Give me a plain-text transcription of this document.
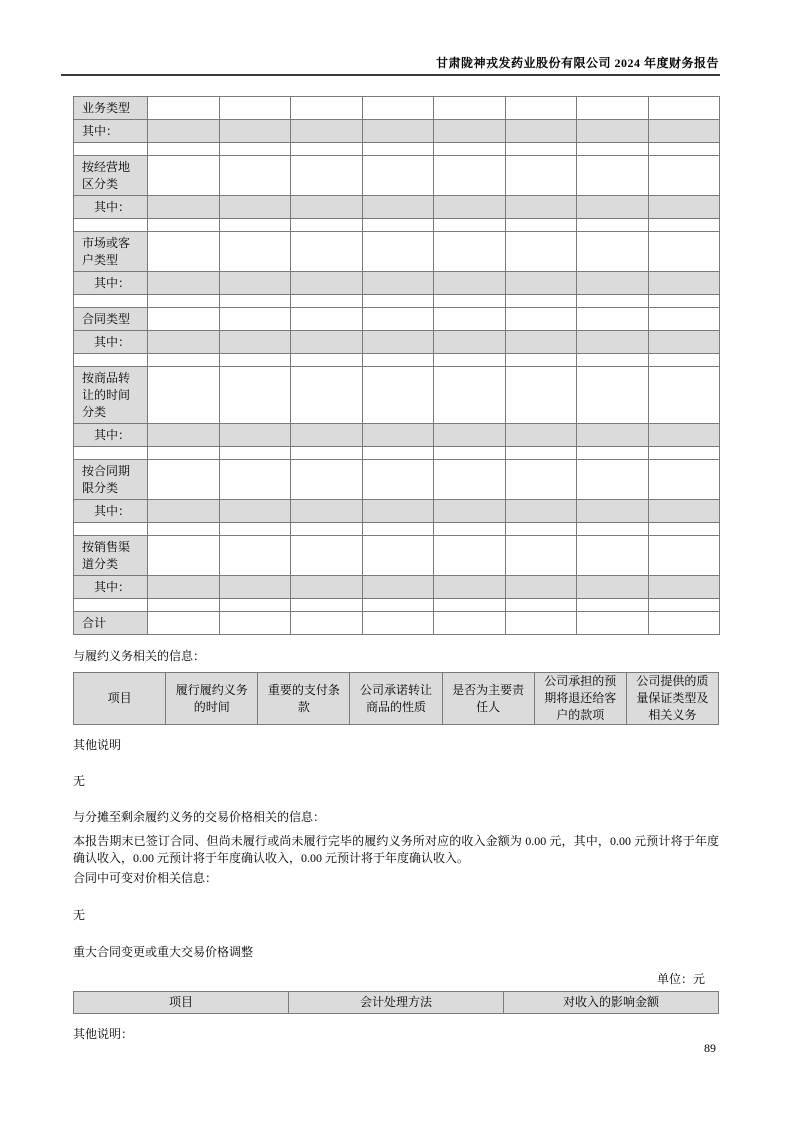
甘肃陇神戎发药业股份有限公司 2024 年度财务报告
业务类型								
其中：								

按经营地区分类								
其中：								

市场或客户类型								
其中：								

合同类型								
其中：								

按商品转让的时间分类								
其中：								

按合同期限分类								
其中：								

按销售渠道分类								
其中：								

合计								

与履约义务相关的信息：

项目	履行履约义务的时间	重要的支付条款	公司承诺转让商品的性质	是否为主要责任人	公司承担的预期将退还给客户的款项	公司提供的质量保证类型及相关义务

其他说明

无

与分摊至剩余履约义务的交易价格相关的信息：

本报告期末已签订合同、但尚未履行或尚未履行完毕的履约义务所对应的收入金额为 0.00 元，其中，0.00 元预计将于年度确认收入，0.00 元预计将于年度确认收入，0.00 元预计将于年度确认收入。

合同中可变对价相关信息：

无

重大合同变更或重大交易价格调整

单位：元

项目	会计处理方法	对收入的影响金额

其他说明：

89
